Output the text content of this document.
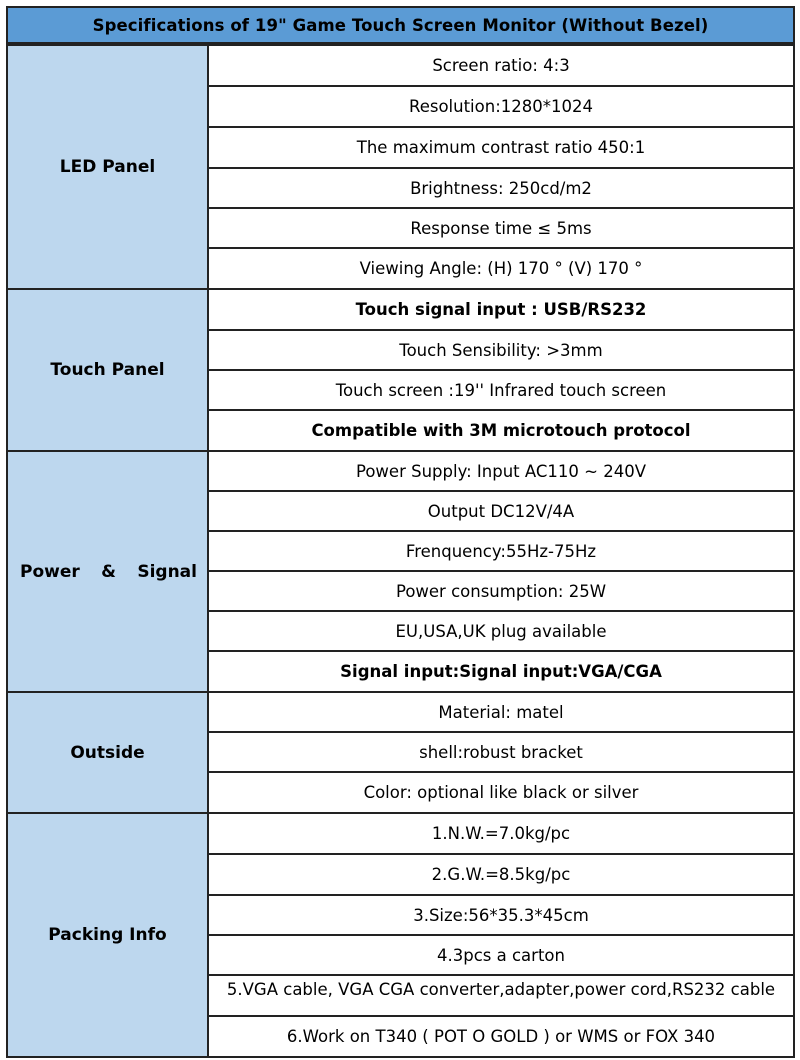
Specifications of 19" Game Touch Screen Monitor (Without Bezel)
LED Panel
Screen ratio: 4:3
Resolution:1280*1024
The maximum contrast ratio 450:1
Brightness: 250cd/m2
Response time ≤ 5ms
Viewing Angle: (H) 170 ° (V) 170 °
Touch Panel
Touch signal input : USB/RS232
Touch Sensibility: >3mm
Touch screen :19'' Infrared touch screen
Compatible with 3M microtouch protocol
Power & Signal
Power Supply: Input AC110 ~ 240V
Output DC12V/4A
Frenquency:55Hz-75Hz
Power consumption: 25W
EU,USA,UK plug available
Signal input:Signal input:VGA/CGA
Outside
Material: matel
shell:robust bracket
Color: optional like black or silver
Packing Info
1.N.W.=7.0kg/pc
2.G.W.=8.5kg/pc
3.Size:56*35.3*45cm
4.3pcs a carton
5.VGA cable, VGA CGA converter,adapter,power cord,RS232 cable
6.Work on T340 ( POT O GOLD ) or WMS or FOX 340
